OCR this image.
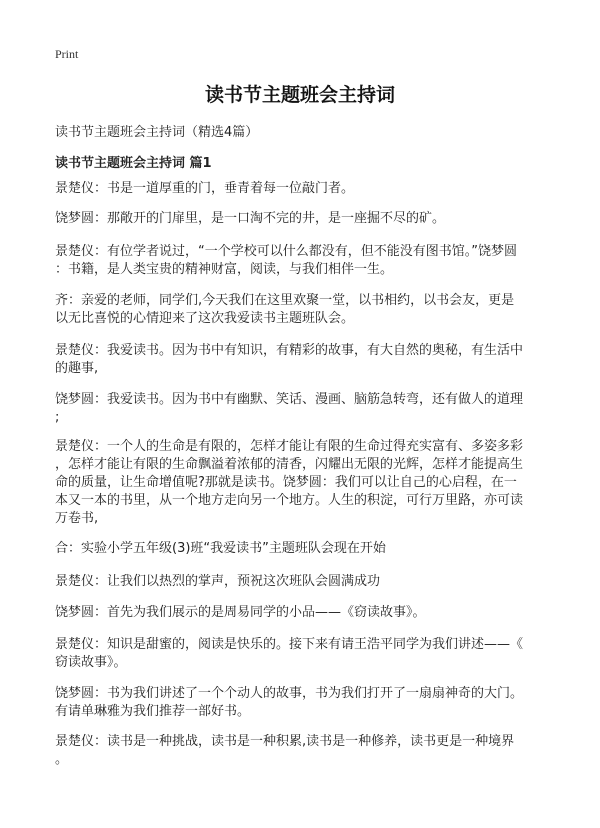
Print
读书节主题班会主持词

读书节主题班会主持词（精选4篇）

读书节主题班会主持词 篇1

景楚仪：书是一道厚重的门，垂青着每一位敲门者。

饶梦圆：那敞开的门扉里，是一口淘不完的井，是一座掘不尽的矿。

景楚仪：有位学者说过，“一个学校可以什么都没有，但不能没有图书馆。”饶梦圆
：书籍，是人类宝贵的精神财富，阅读，与我们相伴一生。

齐：亲爱的老师，同学们,今天我们在这里欢聚一堂，以书相约，以书会友，更是
以无比喜悦的心情迎来了这次我爱读书主题班队会。

景楚仪：我爱读书。因为书中有知识，有精彩的故事，有大自然的奥秘，有生活中
的趣事,

饶梦圆：我爱读书。因为书中有幽默、笑话、漫画、脑筋急转弯，还有做人的道理
;

景楚仪：一个人的生命是有限的，怎样才能让有限的生命过得充实富有、多姿多彩
，怎样才能让有限的生命飘溢着浓郁的清香，闪耀出无限的光辉，怎样才能提高生
命的质量，让生命增值呢?那就是读书。饶梦圆：我们可以让自己的心启程，在一
本又一本的书里，从一个地方走向另一个地方。人生的积淀，可行万里路，亦可读
万卷书,

合：实验小学五年级(3)班“我爱读书”主题班队会现在开始

景楚仪：让我们以热烈的掌声，预祝这次班队会圆满成功

饶梦圆：首先为我们展示的是周易同学的小品——《窃读故事》。

景楚仪：知识是甜蜜的，阅读是快乐的。接下来有请王浩平同学为我们讲述——《
窃读故事》。

饶梦圆：书为我们讲述了一个个动人的故事，书为我们打开了一扇扇神奇的大门。
有请单琳雅为我们推荐一部好书。

景楚仪：读书是一种挑战，读书是一种积累,读书是一种修养，读书更是一种境界
。
